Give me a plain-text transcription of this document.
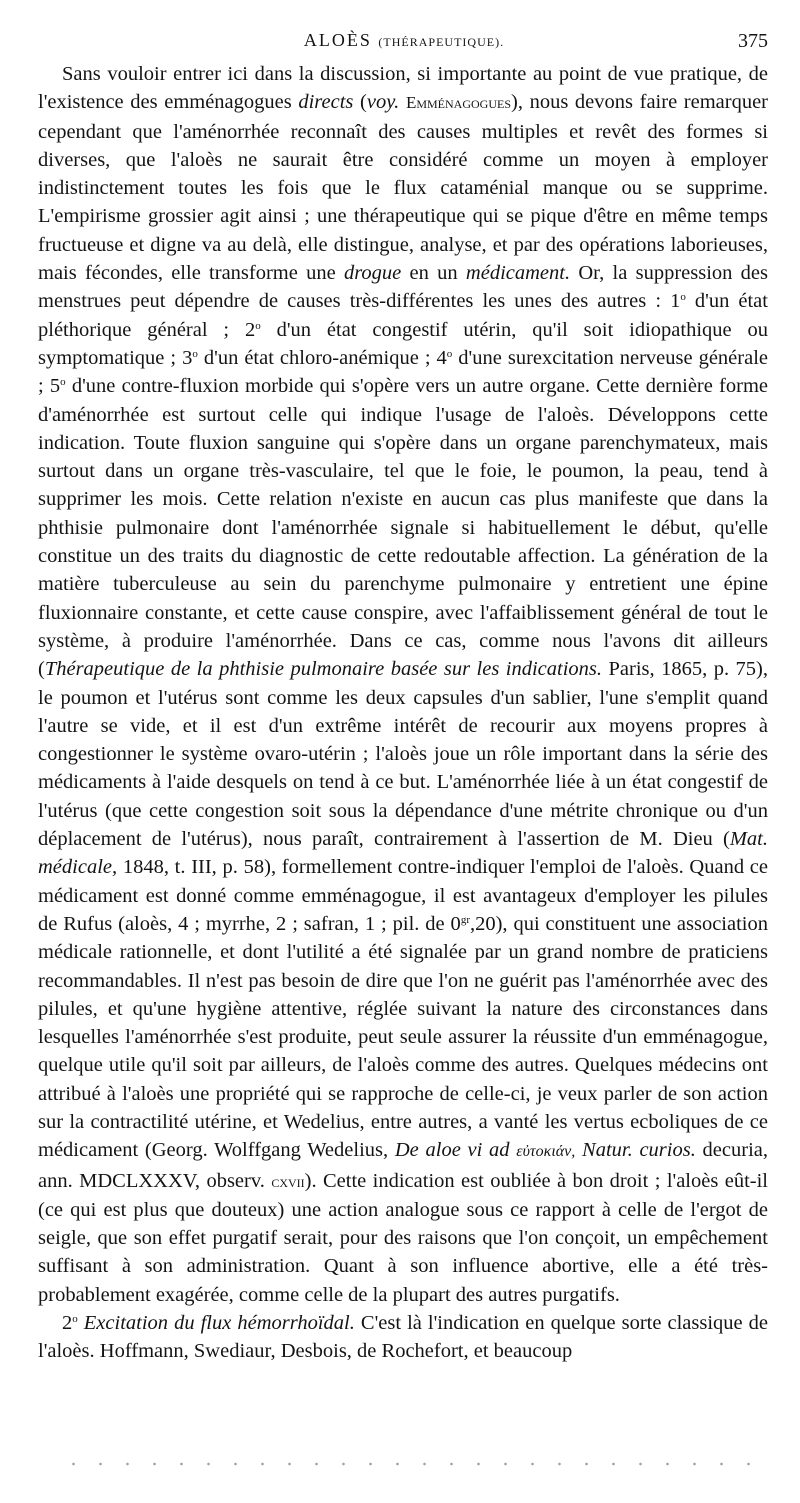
ALOÈS (THÉRAPEUTIQUE).	375

Sans vouloir entrer ici dans la discussion, si importante au point de vue pratique, de l'existence des emménagogues directs (voy. Emménagogues), nous devons faire remarquer cependant que l'aménorrhée reconnaît des causes multiples et revêt des formes si diverses, que l'aloès ne saurait être considéré comme un moyen à employer indistinctement toutes les fois que le flux cataménial manque ou se supprime. L'empirisme grossier agit ainsi ; une thérapeutique qui se pique d'être en même temps fructueuse et digne va au delà, elle distingue, analyse, et par des opérations laborieuses, mais fécondes, elle transforme une drogue en un médicament. Or, la suppression des menstrues peut dépendre de causes très-différentes les unes des autres : 1$^o$ d'un état pléthorique général ; 2$^o$ d'un état congestif utérin, qu'il soit idiopathique ou symptomatique ; 3$^o$ d'un état chloro-anémique ; 4$^o$ d'une surexcitation nerveuse générale ; 5$^o$ d'une contre-fluxion morbide qui s'opère vers un autre organe. Cette dernière forme d'aménorrhée est surtout celle qui indique l'usage de l'aloès. Développons cette indication. Toute fluxion sanguine qui s'opère dans un organe parenchymateux, mais surtout dans un organe très-vasculaire, tel que le foie, le poumon, la peau, tend à supprimer les mois. Cette relation n'existe en aucun cas plus manifeste que dans la phthisie pulmonaire dont l'aménorrhée signale si habituellement le début, qu'elle constitue un des traits du diagnostic de cette redoutable affection. La génération de la matière tuberculeuse au sein du parenchyme pulmonaire y entretient une épine fluxionnaire constante, et cette cause conspire, avec l'affaiblissement général de tout le système, à produire l'aménorrhée. Dans ce cas, comme nous l'avons dit ailleurs (Thérapeutique de la phthisie pulmonaire basée sur les indications. Paris, 1865, p. 75), le poumon et l'utérus sont comme les deux capsules d'un sablier, l'une s'emplit quand l'autre se vide, et il est d'un extrême intérêt de recourir aux moyens propres à congestionner le système ovaro-utérin ; l'aloès joue un rôle important dans la série des médicaments à l'aide desquels on tend à ce but. L'aménorrhée liée à un état congestif de l'utérus (que cette congestion soit sous la dépendance d'une métrite chronique ou d'un déplacement de l'utérus), nous paraît, contrairement à l'assertion de M. Dieu (Mat. médicale, 1848, t. III, p. 58), formellement contre-indiquer l'emploi de l'aloès. Quand ce médicament est donné comme emménagogue, il est avantageux d'employer les pilules de Rufus (aloès, 4 ; myrrhe, 2 ; safran, 1 ; pil. de $0^{gr},20$), qui constituent une association médicale rationnelle, et dont l'utilité a été signalée par un grand nombre de praticiens recommandables. Il n'est pas besoin de dire que l'on ne guérit pas l'aménorrhée avec des pilules, et qu'une hygiène attentive, réglée suivant la nature des circonstances dans lesquelles l'aménorrhée s'est produite, peut seule assurer la réussite d'un emménagogue, quelque utile qu'il soit par ailleurs, de l'aloès comme des autres. Quelques médecins ont attribué à l'aloès une propriété qui se rapproche de celle-ci, je veux parler de son action sur la contractilité utérine, et Wedelius, entre autres, a vanté les vertus ecboliques de ce médicament (Georg. Wolffgang Wedelius, De aloe vi ad εὐτοκιάν, Natur. curios. decuria, ann. MDCLXXXV, observ. cxvii). Cette indication est oubliée à bon droit ; l'aloès eût-il (ce qui est plus que douteux) une action analogue sous ce rapport à celle de l'ergot de seigle, que son effet purgatif serait, pour des raisons que l'on conçoit, un empêchement suffisant à son administration. Quant à son influence abortive, elle a été très-probablement exagérée, comme celle de la plupart des autres purgatifs.

2$^o$ Excitation du flux hémorrhoïdal. C'est là l'indication en quelque sorte classique de l'aloès. Hoffmann, Swediaur, Desbois, de Rochefort, et beaucoup
